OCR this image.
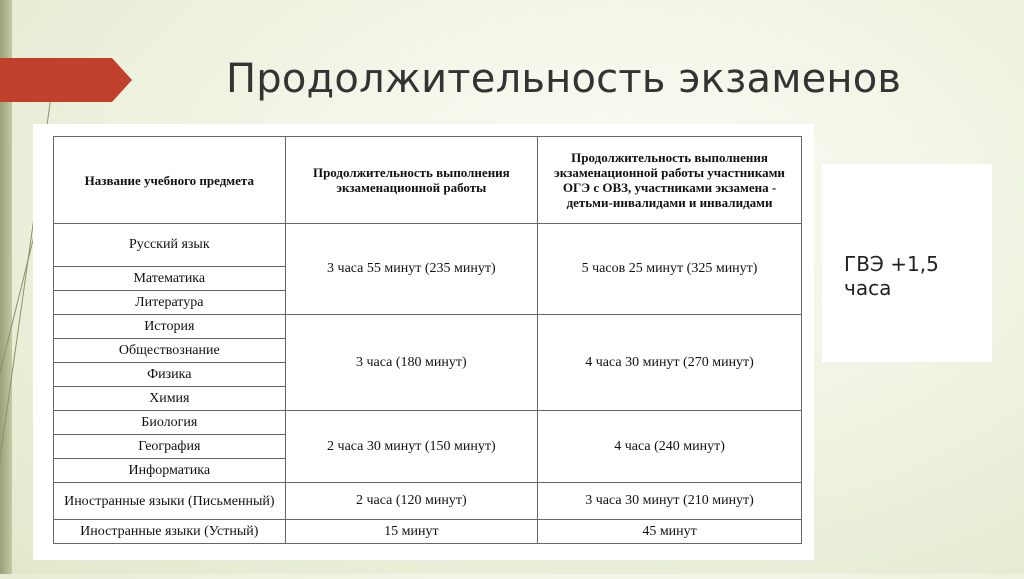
Продолжительность экзаменов
Название учебного предмета	Продолжительность выполнения экзаменационной работы	Продолжительность выполнения экзаменационной работы участниками ОГЭ с ОВЗ, участниками экзамена - детьми-инвалидами и инвалидами
Русский язык	3 часа 55 минут (235 минут)	5 часов 25 минут (325 минут)
Математика		
Литература		
История	3 часа (180 минут)	4 часа 30 минут (270 минут)
Обществознание		
Физика		
Химия		
Биология	2 часа 30 минут (150 минут)	4 часа (240 минут)
География		
Информатика		
Иностранные языки (Письменный)	2 часа (120 минут)	3 часа 30 минут (210 минут)
Иностранные языки (Устный)	15 минут	45 минут
ГВЭ +1,5 часа
